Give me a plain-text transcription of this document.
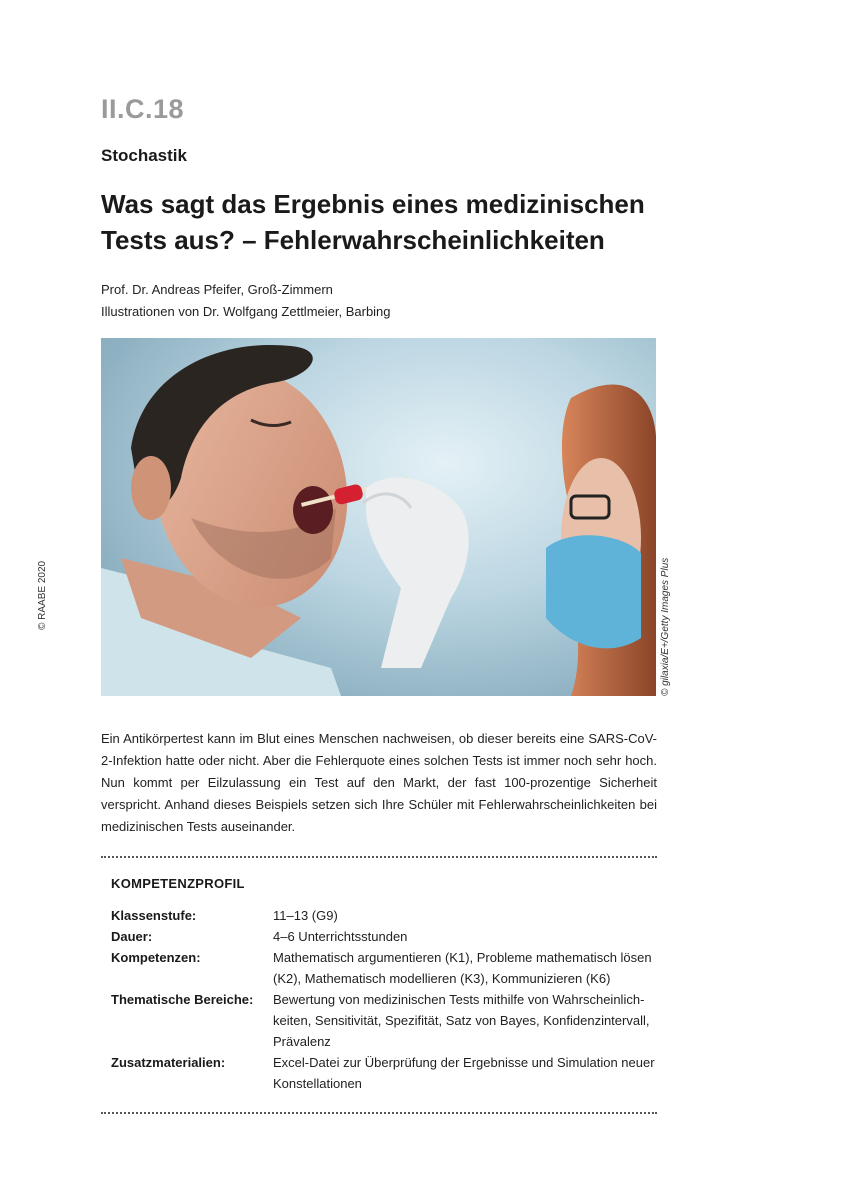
II.C.18
Stochastik
Was sagt das Ergebnis eines medizinischen
Tests aus? – Fehlerwahrscheinlichkeiten
Prof. Dr. Andreas Pfeifer, Groß-Zimmern
Illustrationen von Dr. Wolfgang Zettlmeier, Barbing
© gilaxia/E+/Getty Images Plus
© RAABE 2020
Ein Antikörpertest kann im Blut eines Menschen nachweisen, ob dieser bereits eine SARS-CoV-2-Infektion hatte oder nicht. Aber die Fehlerquote eines solchen Tests ist immer noch sehr hoch. Nun kommt per Eilzulassung ein Test auf den Markt, der fast 100-prozentige Sicherheit verspricht. Anhand dieses Beispiels setzen sich Ihre Schüler mit Fehlerwahrscheinlichkeiten bei medizinischen Tests auseinander.
KOMPETENZPROFIL
Klassenstufe:	11–13 (G9)
Dauer:	4–6 Unterrichtsstunden
Kompetenzen:	Mathematisch argumentieren (K1), Probleme mathematisch lösen (K2), Mathematisch modellieren (K3), Kommunizieren (K6)
Thematische Bereiche:	Bewertung von medizinischen Tests mithilfe von Wahrscheinlichkeiten, Sensitivität, Spezifität, Satz von Bayes, Konfidenzintervall, Prävalenz
Zusatzmaterialien:	Excel-Datei zur Überprüfung der Ergebnisse und Simulation neuer Konstellationen
